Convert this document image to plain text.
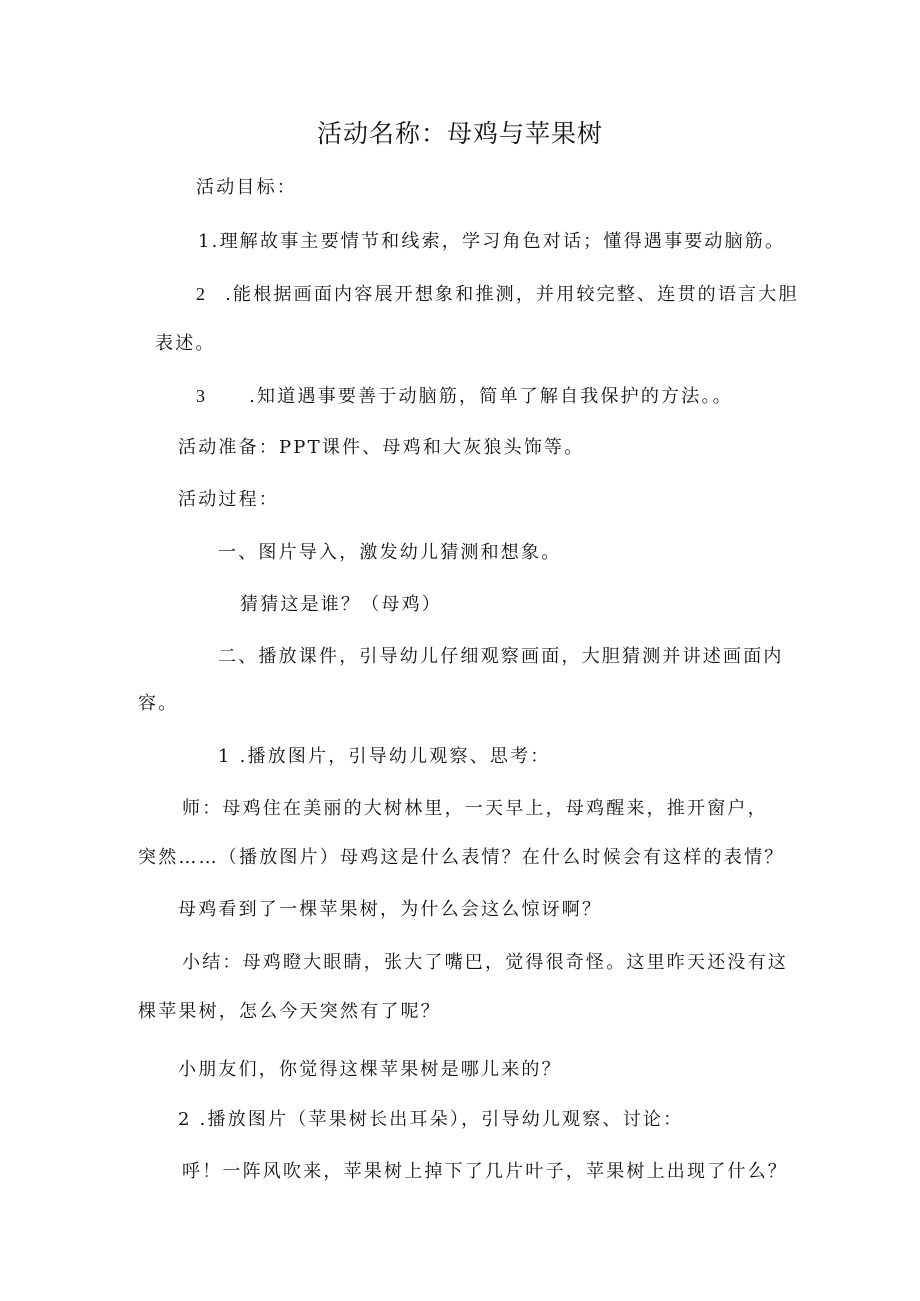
活动名称：母鸡与苹果树
活动目标：
1.理解故事主要情节和线索，学习角色对话；懂得遇事要动脑筋。
2 .能根据画面内容展开想象和推测，并用较完整、连贯的语言大胆
表述。
3 .知道遇事要善于动脑筋，简单了解自我保护的方法。。
活动准备：PPT课件、母鸡和大灰狼头饰等。
活动过程：
一、图片导入，激发幼儿猜测和想象。
猜猜这是谁？（母鸡）
二、播放课件，引导幼儿仔细观察画面，大胆猜测并讲述画面内
容。
1 .播放图片，引导幼儿观察、思考：
师：母鸡住在美丽的大树林里，一天早上，母鸡醒来，推开窗户，
突然……（播放图片）母鸡这是什么表情？在什么时候会有这样的表情？
母鸡看到了一棵苹果树，为什么会这么惊讶啊？
小结：母鸡瞪大眼睛，张大了嘴巴，觉得很奇怪。这里昨天还没有这
棵苹果树，怎么今天突然有了呢？
小朋友们，你觉得这棵苹果树是哪儿来的？
2 .播放图片（苹果树长出耳朵），引导幼儿观察、讨论：
呼！一阵风吹来，苹果树上掉下了几片叶子，苹果树上出现了什么？
